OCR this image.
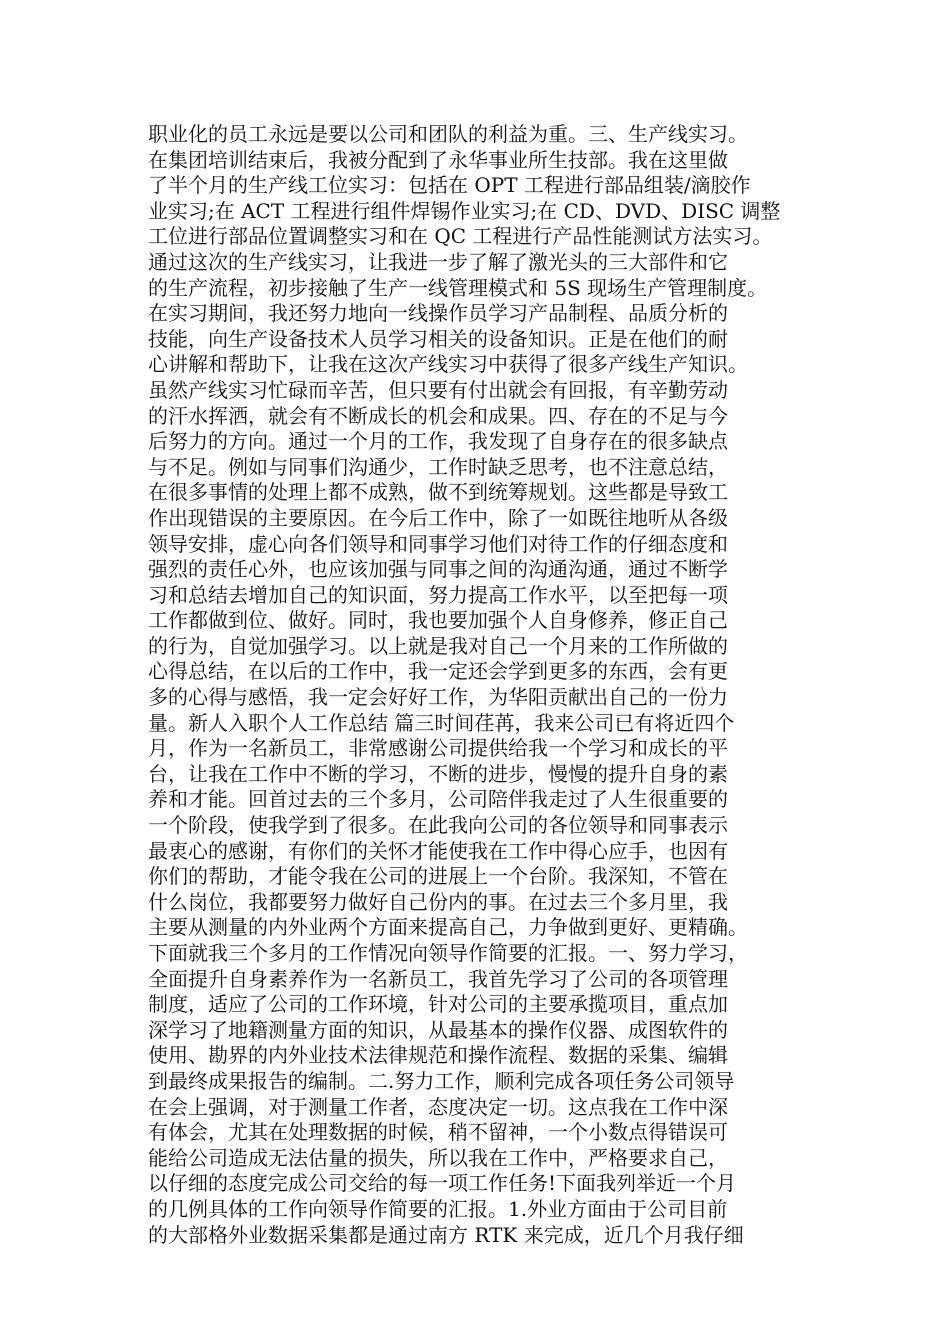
职业化的员工永远是要以公司和团队的利益为重。三、生产线实习。
在集团培训结束后，我被分配到了永华事业所生技部。我在这里做
了半个月的生产线工位实习：包括在 OPT 工程进行部品组装/滴胶作
业实习;在 ACT 工程进行组件焊锡作业实习;在 CD、DVD、DISC 调整
工位进行部品位置调整实习和在 QC 工程进行产品性能测试方法实习。
通过这次的生产线实习，让我进一步了解了激光头的三大部件和它
的生产流程，初步接触了生产一线管理模式和 5S 现场生产管理制度。
在实习期间，我还努力地向一线操作员学习产品制程、品质分析的
技能，向生产设备技术人员学习相关的设备知识。正是在他们的耐
心讲解和帮助下，让我在这次产线实习中获得了很多产线生产知识。
虽然产线实习忙碌而辛苦，但只要有付出就会有回报，有辛勤劳动
的汗水挥洒，就会有不断成长的机会和成果。四、存在的不足与今
后努力的方向。通过一个月的工作，我发现了自身存在的很多缺点
与不足。例如与同事们沟通少，工作时缺乏思考，也不注意总结，
在很多事情的处理上都不成熟，做不到统筹规划。这些都是导致工
作出现错误的主要原因。在今后工作中，除了一如既往地听从各级
领导安排，虚心向各们领导和同事学习他们对待工作的仔细态度和
强烈的责任心外，也应该加强与同事之间的沟通沟通，通过不断学
习和总结去增加自己的知识面，努力提高工作水平，以至把每一项
工作都做到位、做好。同时，我也要加强个人自身修养，修正自己
的行为，自觉加强学习。以上就是我对自己一个月来的工作所做的
心得总结，在以后的工作中，我一定还会学到更多的东西，会有更
多的心得与感悟，我一定会好好工作，为华阳贡献出自己的一份力
量。新人入职个人工作总结 篇三时间荏苒，我来公司已有将近四个
月，作为一名新员工，非常感谢公司提供给我一个学习和成长的平
台，让我在工作中不断的学习，不断的进步，慢慢的提升自身的素
养和才能。回首过去的三个多月，公司陪伴我走过了人生很重要的
一个阶段，使我学到了很多。在此我向公司的各位领导和同事表示
最衷心的感谢，有你们的关怀才能使我在工作中得心应手，也因有
你们的帮助，才能令我在公司的进展上一个台阶。我深知，不管在
什么岗位，我都要努力做好自己份内的事。在过去三个多月里，我
主要从测量的内外业两个方面来提高自己，力争做到更好、更精确。
下面就我三个多月的工作情况向领导作简要的汇报。一、努力学习，
全面提升自身素养作为一名新员工，我首先学习了公司的各项管理
制度，适应了公司的工作环境，针对公司的主要承揽项目，重点加
深学习了地籍测量方面的知识，从最基本的操作仪器、成图软件的
使用、勘界的内外业技术法律规范和操作流程、数据的采集、编辑
到最终成果报告的编制。二.努力工作，顺利完成各项任务公司领导
在会上强调，对于测量工作者，态度决定一切。这点我在工作中深
有体会，尤其在处理数据的时候，稍不留神，一个小数点得错误可
能给公司造成无法估量的损失，所以我在工作中，严格要求自己，
以仔细的态度完成公司交给的每一项工作任务!下面我列举近一个月
的几例具体的工作向领导作简要的汇报。1.外业方面由于公司目前
的大部格外业数据采集都是通过南方 RTK 来完成，近几个月我仔细
